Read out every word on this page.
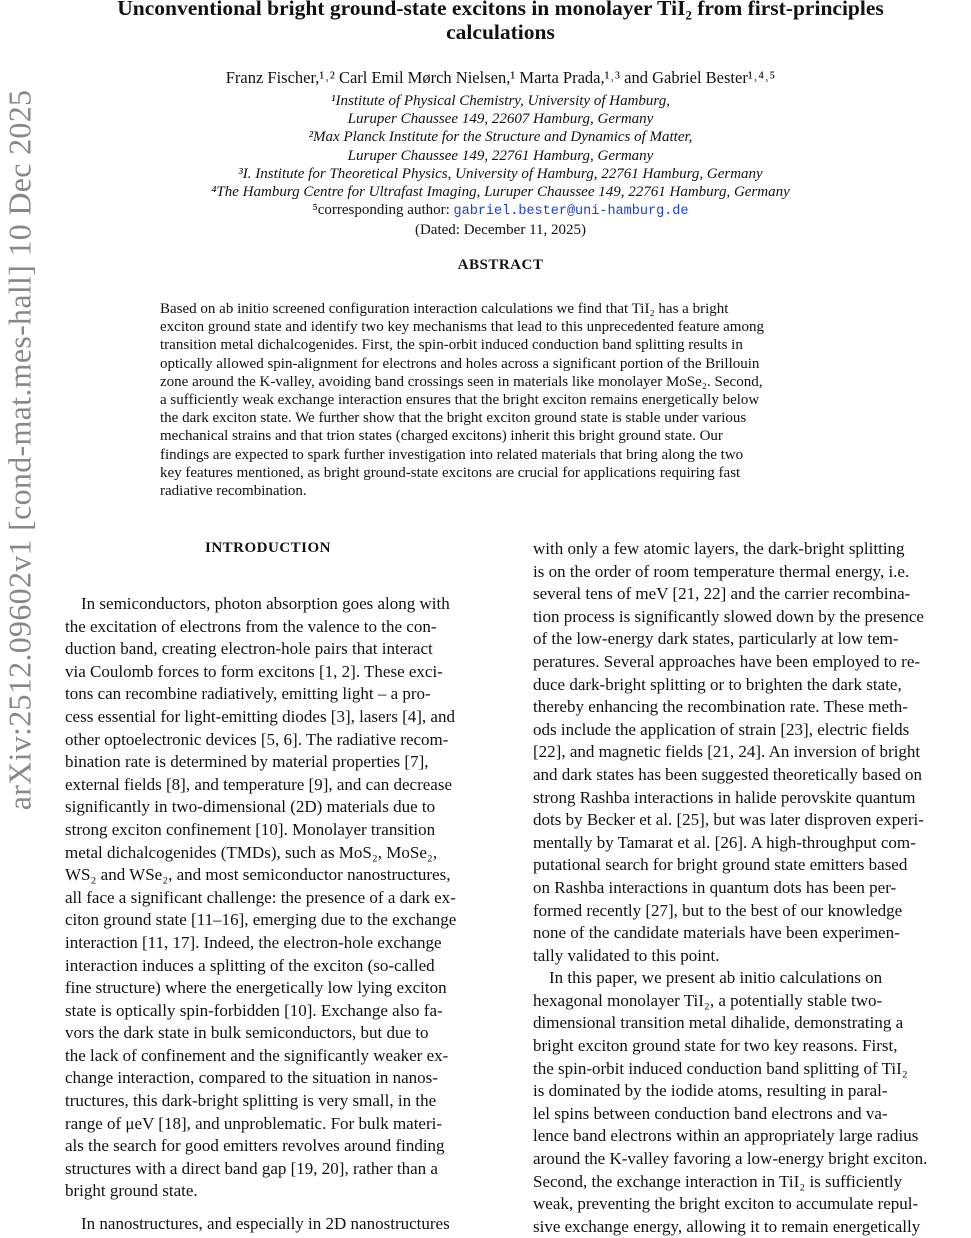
arXiv:2512.09602v1 [cond-mat.mes-hall] 10 Dec 2025
Unconventional bright ground-state excitons in monolayer TiI₂ from first-principles
calculations
Franz Fischer,¹˒² Carl Emil Mørch Nielsen,¹ Marta Prada,¹˒³ and Gabriel Bester¹˒⁴˒⁵
¹Institute of Physical Chemistry, University of Hamburg,
Luruper Chaussee 149, 22607 Hamburg, Germany
²Max Planck Institute for the Structure and Dynamics of Matter,
Luruper Chaussee 149, 22761 Hamburg, Germany
³I. Institute for Theoretical Physics, University of Hamburg, 22761 Hamburg, Germany
⁴The Hamburg Centre for Ultrafast Imaging, Luruper Chaussee 149, 22761 Hamburg, Germany
⁵corresponding author: gabriel.bester@uni-hamburg.de
(Dated: December 11, 2025)
ABSTRACT
Based on ab initio screened configuration interaction calculations we find that TiI₂ has a bright
exciton ground state and identify two key mechanisms that lead to this unprecedented feature among
transition metal dichalcogenides. First, the spin-orbit induced conduction band splitting results in
optically allowed spin-alignment for electrons and holes across a significant portion of the Brillouin
zone around the K-valley, avoiding band crossings seen in materials like monolayer MoSe₂. Second,
a sufficiently weak exchange interaction ensures that the bright exciton remains energetically below
the dark exciton state. We further show that the bright exciton ground state is stable under various
mechanical strains and that trion states (charged excitons) inherit this bright ground state. Our
findings are expected to spark further investigation into related materials that bring along the two
key features mentioned, as bright ground-state excitons are crucial for applications requiring fast
radiative recombination.
INTRODUCTION
In semiconductors, photon absorption goes along with
the excitation of electrons from the valence to the con-
duction band, creating electron-hole pairs that interact
via Coulomb forces to form excitons [1, 2]. These exci-
tons can recombine radiatively, emitting light – a pro-
cess essential for light-emitting diodes [3], lasers [4], and
other optoelectronic devices [5, 6]. The radiative recom-
bination rate is determined by material properties [7],
external fields [8], and temperature [9], and can decrease
significantly in two-dimensional (2D) materials due to
strong exciton confinement [10]. Monolayer transition
metal dichalcogenides (TMDs), such as MoS₂, MoSe₂,
WS₂ and WSe₂, and most semiconductor nanostructures,
all face a significant challenge: the presence of a dark ex-
citon ground state [11–16], emerging due to the exchange
interaction [11, 17]. Indeed, the electron-hole exchange
interaction induces a splitting of the exciton (so-called
fine structure) where the energetically low lying exciton
state is optically spin-forbidden [10]. Exchange also fa-
vors the dark state in bulk semiconductors, but due to
the lack of confinement and the significantly weaker ex-
change interaction, compared to the situation in nanos-
tructures, this dark-bright splitting is very small, in the
range of μeV [18], and unproblematic. For bulk materi-
als the search for good emitters revolves around finding
structures with a direct band gap [19, 20], rather than a
bright ground state.
In nanostructures, and especially in 2D nanostructures
with only a few atomic layers, the dark-bright splitting
is on the order of room temperature thermal energy, i.e.
several tens of meV [21, 22] and the carrier recombina-
tion process is significantly slowed down by the presence
of the low-energy dark states, particularly at low tem-
peratures. Several approaches have been employed to re-
duce dark-bright splitting or to brighten the dark state,
thereby enhancing the recombination rate. These meth-
ods include the application of strain [23], electric fields
[22], and magnetic fields [21, 24]. An inversion of bright
and dark states has been suggested theoretically based on
strong Rashba interactions in halide perovskite quantum
dots by Becker et al. [25], but was later disproven experi-
mentally by Tamarat et al. [26]. A high-throughput com-
putational search for bright ground state emitters based
on Rashba interactions in quantum dots has been per-
formed recently [27], but to the best of our knowledge
none of the candidate materials have been experimen-
tally validated to this point.
In this paper, we present ab initio calculations on
hexagonal monolayer TiI₂, a potentially stable two-
dimensional transition metal dihalide, demonstrating a
bright exciton ground state for two key reasons. First,
the spin-orbit induced conduction band splitting of TiI₂
is dominated by the iodide atoms, resulting in paral-
lel spins between conduction band electrons and va-
lence band electrons within an appropriately large radius
around the K-valley favoring a low-energy bright exciton.
Second, the exchange interaction in TiI₂ is sufficiently
weak, preventing the bright exciton to accumulate repul-
sive exchange energy, allowing it to remain energetically
